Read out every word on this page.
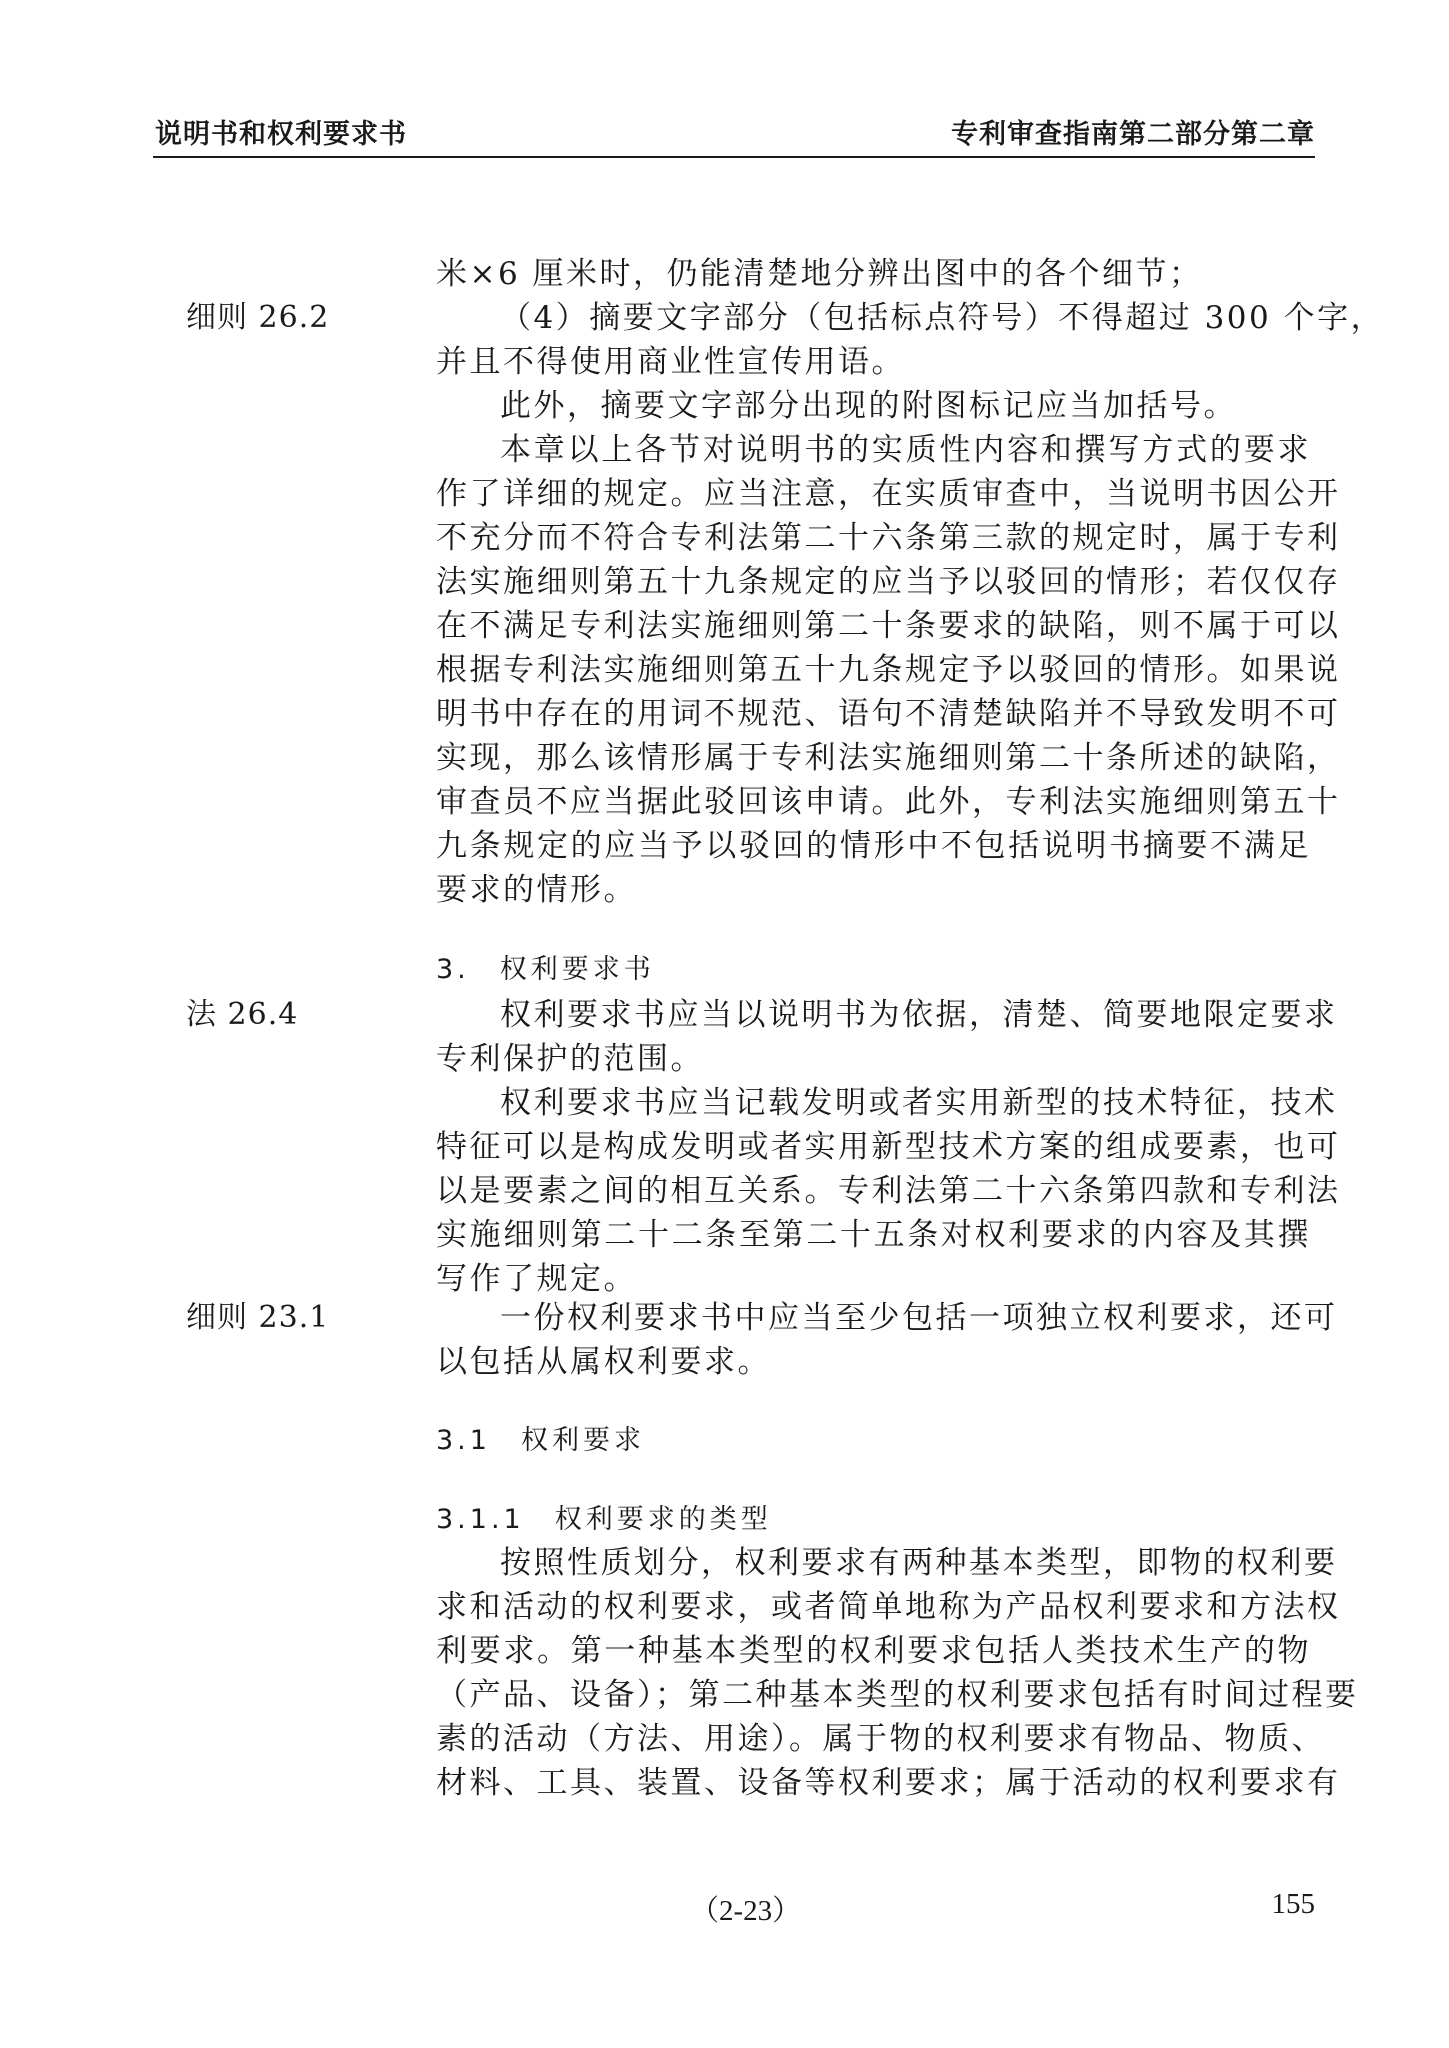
说明书和权利要求书	专利审查指南第二部分第二章
细则 26.2
法 26.4
细则 23.1
米×6 厘米时，仍能清楚地分辨出图中的各个细节；
（4）摘要文字部分（包括标点符号）不得超过 300 个字，
并且不得使用商业性宣传用语。
此外，摘要文字部分出现的附图标记应当加括号。
本章以上各节对说明书的实质性内容和撰写方式的要求
作了详细的规定。应当注意，在实质审查中，当说明书因公开
不充分而不符合专利法第二十六条第三款的规定时，属于专利
法实施细则第五十九条规定的应当予以驳回的情形；若仅仅存
在不满足专利法实施细则第二十条要求的缺陷，则不属于可以
根据专利法实施细则第五十九条规定予以驳回的情形。如果说
明书中存在的用词不规范、语句不清楚缺陷并不导致发明不可
实现，那么该情形属于专利法实施细则第二十条所述的缺陷，
审查员不应当据此驳回该申请。此外，专利法实施细则第五十
九条规定的应当予以驳回的情形中不包括说明书摘要不满足
要求的情形。
3. 权利要求书
权利要求书应当以说明书为依据，清楚、简要地限定要求
专利保护的范围。
权利要求书应当记载发明或者实用新型的技术特征，技术
特征可以是构成发明或者实用新型技术方案的组成要素，也可
以是要素之间的相互关系。专利法第二十六条第四款和专利法
实施细则第二十二条至第二十五条对权利要求的内容及其撰
写作了规定。
一份权利要求书中应当至少包括一项独立权利要求，还可
以包括从属权利要求。
3.1 权利要求
3.1.1 权利要求的类型
按照性质划分，权利要求有两种基本类型，即物的权利要
求和活动的权利要求，或者简单地称为产品权利要求和方法权
利要求。第一种基本类型的权利要求包括人类技术生产的物
（产品、设备）；第二种基本类型的权利要求包括有时间过程要
素的活动（方法、用途）。属于物的权利要求有物品、物质、
材料、工具、装置、设备等权利要求；属于活动的权利要求有
（2-23）	155
